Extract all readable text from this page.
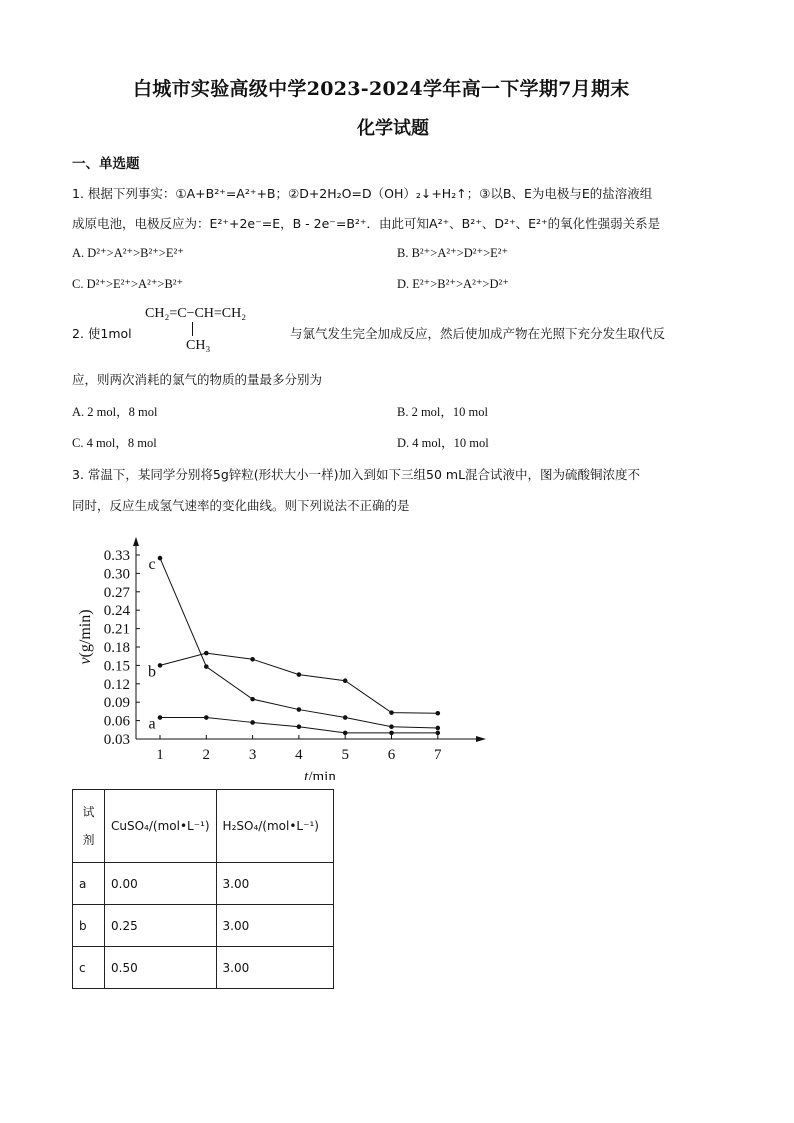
白城市实验高级中学2023-2024学年高一下学期7月期末
化学试题
一、单选题
1. 根据下列事实：①A+B²⁺=A²⁺+B；②D+2H₂O=D（OH）₂↓+H₂↑；③以B、E为电极与E的盐溶液组
成原电池，电极反应为：E²⁺+2e⁻=E，B - 2e⁻=B²⁺．由此可知A²⁺、B²⁺、D²⁺、E²⁺的氧化性强弱关系是
A. D²⁺>A²⁺>B²⁺>E²⁺	B. B²⁺>A²⁺>D²⁺>E²⁺
C. D²⁺>E²⁺>A²⁺>B²⁺	D. E²⁺>B²⁺>A²⁺>D²⁺
2. 使1mol
CH₂=C−CH=CH₂
CH₃
与氯气发生完全加成反应，然后使加成产物在光照下充分发生取代反
应，则两次消耗的氯气的物质的量最多分别为
A. 2 mol，8 mol	B. 2 mol，10 mol
C. 4 mol，8 mol	D. 4 mol，10 mol
3. 常温下，某同学分别将5g锌粒(形状大小一样)加入到如下三组50 mL混合试液中，图为硫酸铜浓度不
同时，反应生成氢气速率的变化曲线。则下列说法不正确的是
0.03
0.06
0.09
0.12
0.15
0.18
0.21
0.24
0.27
0.30
0.33
1	2	3	4	5	6	7
t/min
v(g/min)
a
b
c
试剂	CuSO₄/(mol•L⁻¹)	H₂SO₄/(mol•L⁻¹)
a	0.00	3.00
b	0.25	3.00
c	0.50	3.00
